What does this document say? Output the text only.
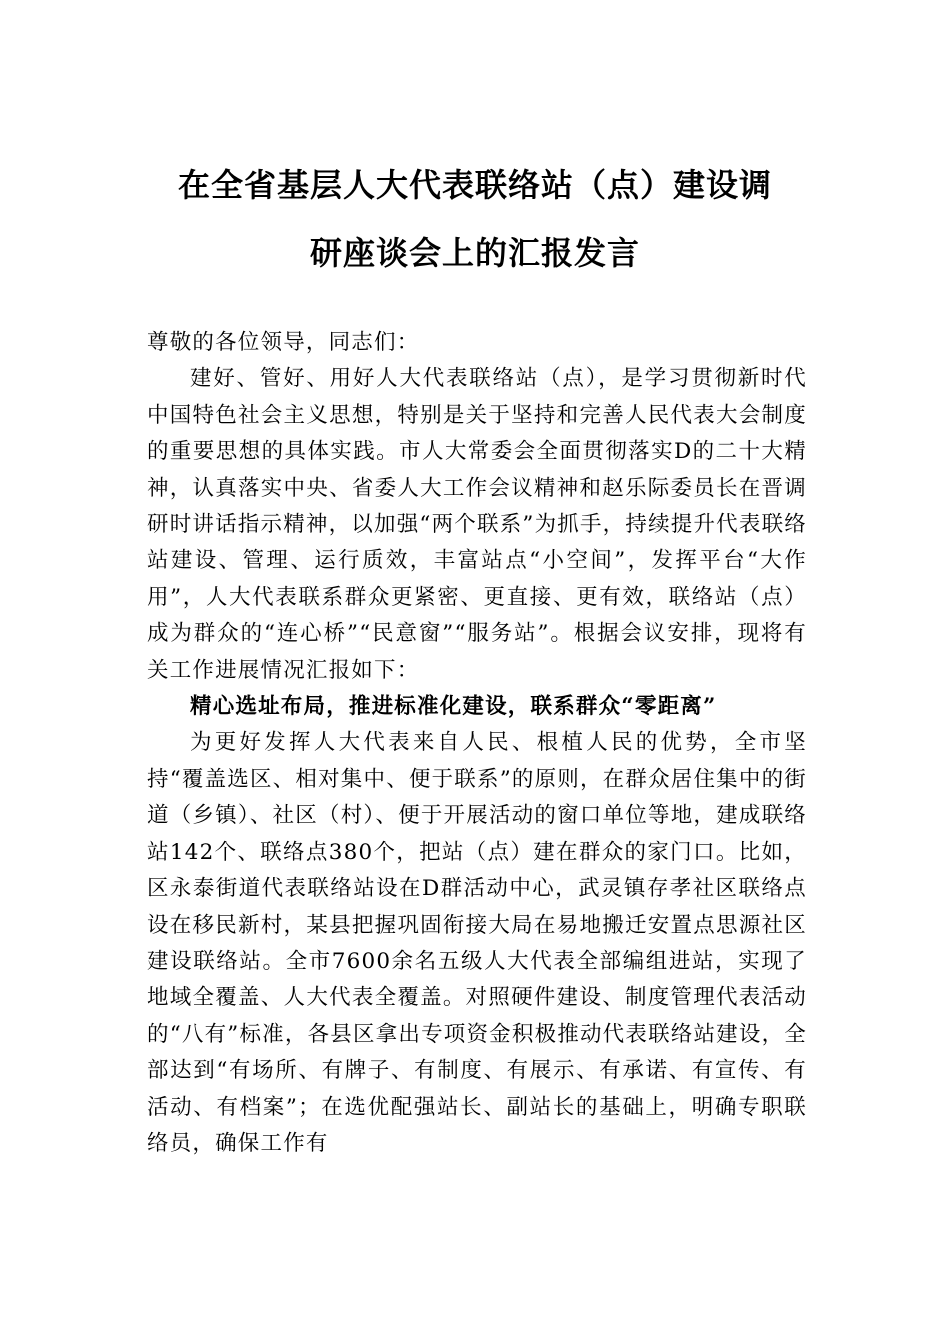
在全省基层人大代表联络站（点）建设调
研座谈会上的汇报发言

尊敬的各位领导，同志们：

建好、管好、用好人大代表联络站（点），是学习贯彻新时代中国特色社会主义思想，特别是关于坚持和完善人民代表大会制度的重要思想的具体实践。市人大常委会全面贯彻落实D的二十大精神，认真落实中央、省委人大工作会议精神和赵乐际委员长在晋调研时讲话指示精神，以加强“两个联系”为抓手，持续提升代表联络站建设、管理、运行质效，丰富站点“小空间”，发挥平台“大作用”，人大代表联系群众更紧密、更直接、更有效，联络站（点）成为群众的“连心桥”“民意窗”“服务站”。根据会议安排，现将有关工作进展情况汇报如下：

精心选址布局，推进标准化建设，联系群众“零距离”

为更好发挥人大代表来自人民、根植人民的优势，全市坚持“覆盖选区、相对集中、便于联系”的原则，在群众居住集中的街道（乡镇）、社区（村）、便于开展活动的窗口单位等地，建成联络站142个、联络点380个，把站（点）建在群众的家门口。比如，区永泰街道代表联络站设在D群活动中心，武灵镇存孝社区联络点设在移民新村，某县把握巩固衔接大局在易地搬迁安置点思源社区建设联络站。全市7600余名五级人大代表全部编组进站，实现了地域全覆盖、人大代表全覆盖。对照硬件建设、制度管理代表活动的“八有”标准，各县区拿出专项资金积极推动代表联络站建设，全部达到“有场所、有牌子、有制度、有展示、有承诺、有宣传、有活动、有档案”；在选优配强站长、副站长的基础上，明确专职联络员，确保工作有
